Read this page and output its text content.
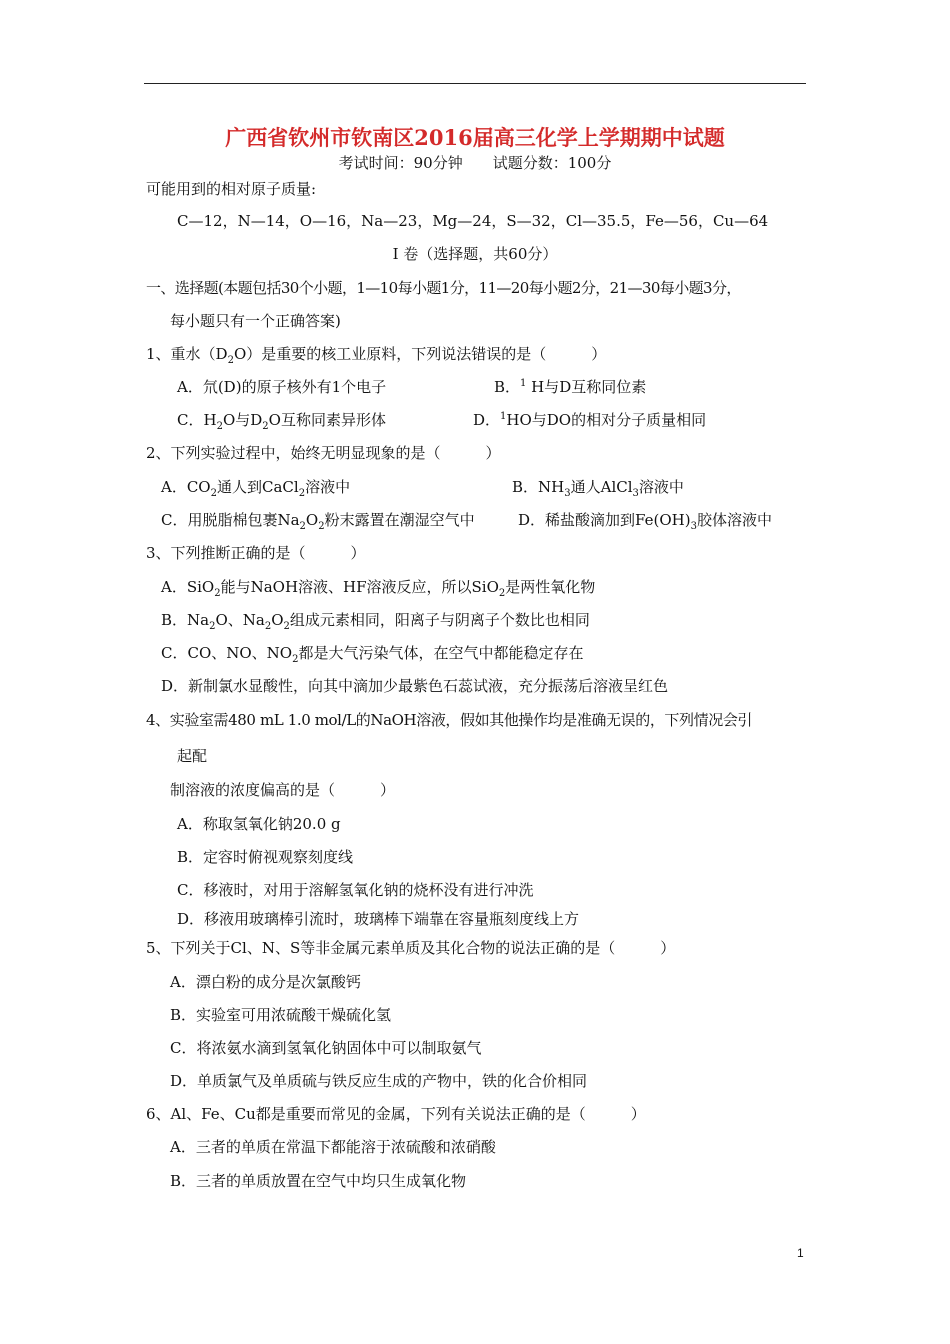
广西省钦州市钦南区2016届高三化学上学期期中试题
考试时间：90分钟　　试题分数：100分
可能用到的相对原子质量:
C—12，N—14，O—16，Na—23，Mg—24，S—32，Cl—35.5，Fe—56，Cu—64
Ⅰ 卷（选择题，共60分）
一、选择题(本题包括30个小题，1—10每小题1分，11—20每小题2分，21—30每小题3分，
每小题只有一个正确答案)
1、重水$(D_2O)$是重要的核工业原料，下列说法错误的是（　　　）
A．氘(D)的原子核外有1个电子	B．$^1$ H与D互称同位素
C．$H_2O$与$D_2O$互称同素异形体	D．$^1$HO与DO的相对分子质量相同
2、下列实验过程中，始终无明显现象的是（　　　）
A．$CO_2$通人到CaCl$_2$溶液中	B．$NH_3$通人AlCl$_3$溶液中
C．用脱脂棉包裹$Na_2O_2$粉末露置在潮湿空气中	D．稀盐酸滴加到$Fe(OH)_3$胶体溶液中
3、下列推断正确的是（　　　）
A．SiO$_2$能与NaOH溶液、HF溶液反应，所以SiO$_2$是两性氧化物
B．$Na_2O$、$Na_2O_2$组成元素相同，阳离子与阴离子个数比也相同
C．CO、NO、$NO_2$都是大气污染气体，在空气中都能稳定存在
D．新制氯水显酸性，向其中滴加少最紫色石蕊试液，充分振荡后溶液呈红色
4、实验室需480 mL 1.0 mol/L的NaOH溶液，假如其他操作均是准确无误的，下列情况会引
起配
制溶液的浓度偏高的是（　　　）
A．称取氢氧化钠20.0 g
B．定容时俯视观察刻度线
C．移液时，对用于溶解氢氧化钠的烧杯没有进行冲洗
D．移液用玻璃棒引流时，玻璃棒下端靠在容量瓶刻度线上方
5、下列关于Cl、N、S等非金属元素单质及其化合物的说法正确的是（　　　）
A．漂白粉的成分是次氯酸钙
B．实验室可用浓硫酸干燥硫化氢
C．将浓氨水滴到氢氧化钠固体中可以制取氨气
D．单质氯气及单质硫与铁反应生成的产物中，铁的化合价相同
6、Al、Fe、Cu都是重要而常见的金属，下列有关说法正确的是（　　　）
A．三者的单质在常温下都能溶于浓硫酸和浓硝酸
B．三者的单质放置在空气中均只生成氧化物
1
